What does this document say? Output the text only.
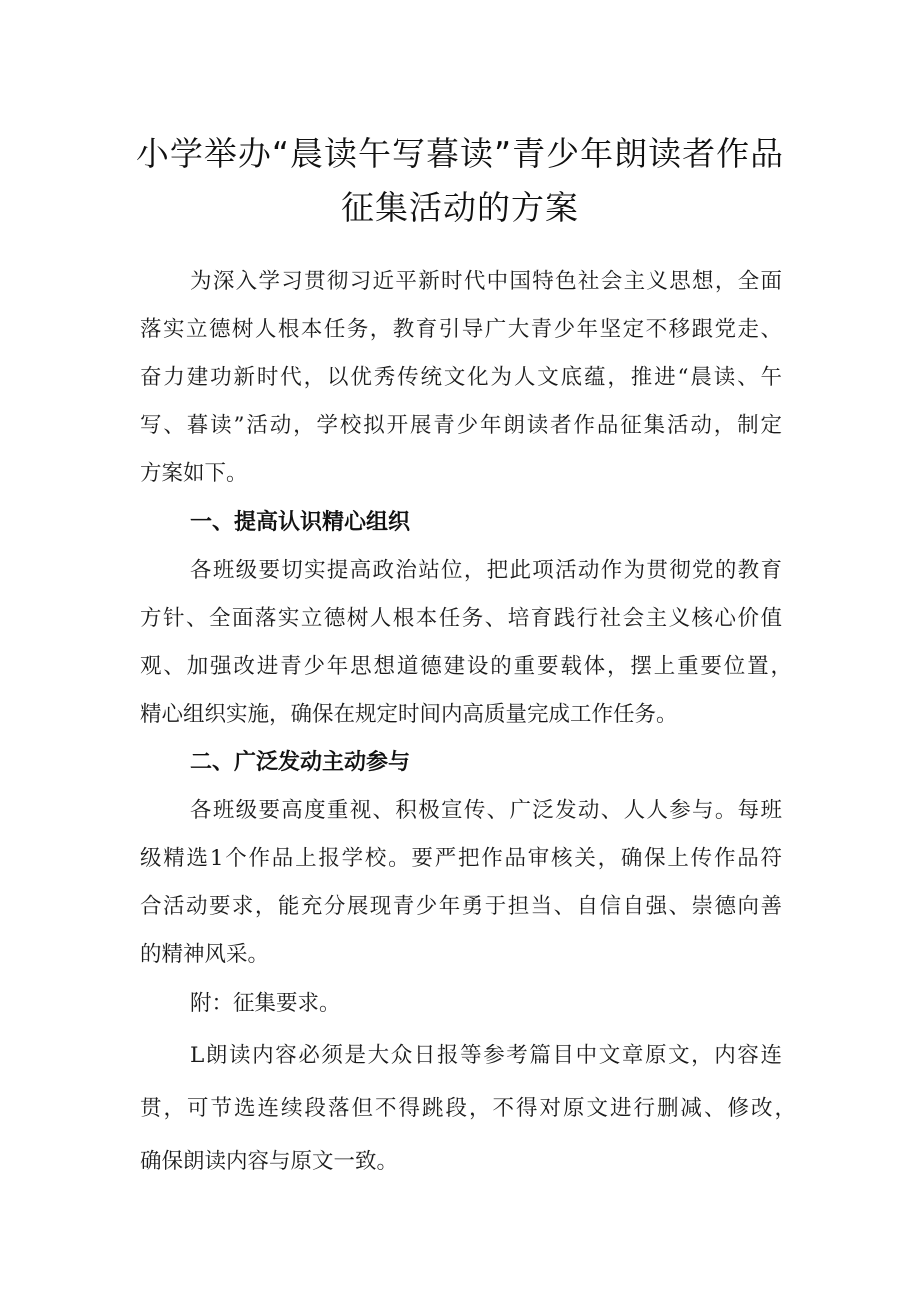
小学举办“晨读午写暮读”青少年朗读者作品
征集活动的方案
为深入学习贯彻习近平新时代中国特色社会主义思想，全面
落实立德树人根本任务，教育引导广大青少年坚定不移跟党走、
奋力建功新时代，以优秀传统文化为人文底蕴，推进“晨读、午
写、暮读”活动，学校拟开展青少年朗读者作品征集活动，制定
方案如下。
一、提高认识精心组织
各班级要切实提高政治站位，把此项活动作为贯彻党的教育
方针、全面落实立德树人根本任务、培育践行社会主义核心价值
观、加强改进青少年思想道德建设的重要载体，摆上重要位置，
精心组织实施，确保在规定时间内高质量完成工作任务。
二、广泛发动主动参与
各班级要高度重视、积极宣传、广泛发动、人人参与。每班
级精选1个作品上报学校。要严把作品审核关，确保上传作品符
合活动要求，能充分展现青少年勇于担当、自信自强、崇德向善
的精神风采。
附：征集要求。
L朗读内容必须是大众日报等参考篇目中文章原文，内容连
贯，可节选连续段落但不得跳段，不得对原文进行删减、修改，
确保朗读内容与原文一致。
